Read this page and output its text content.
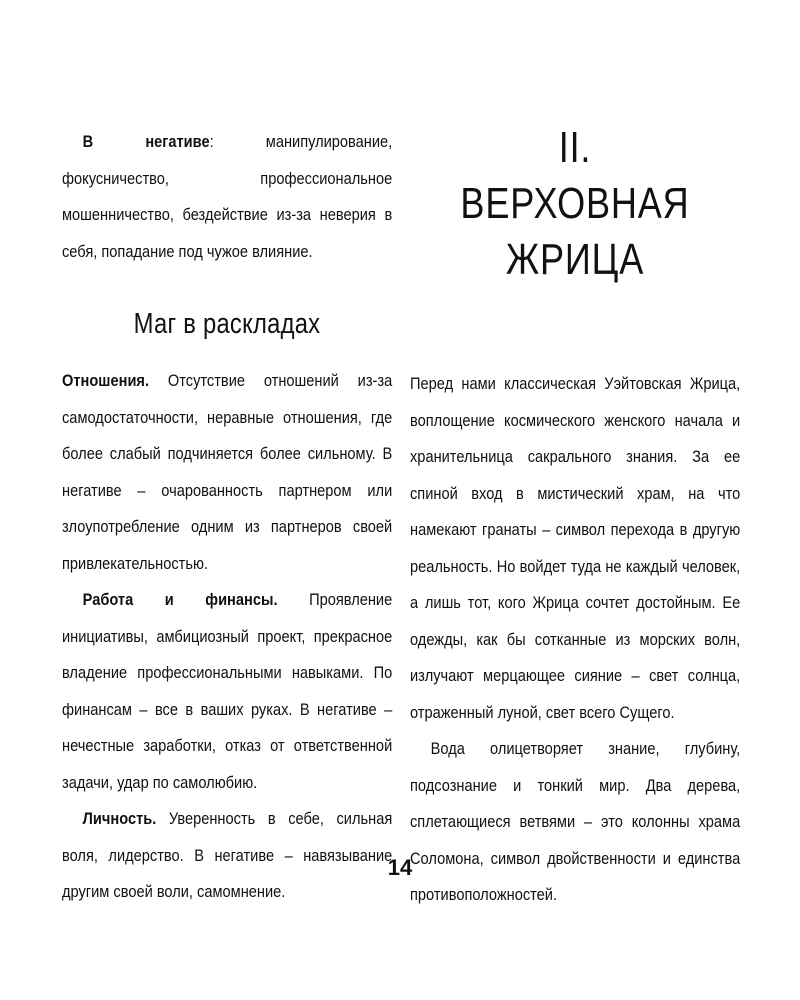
В негативе: манипулирование, фокусничество, профессиональное мошенничество, бездействие из-за неверия в себя, попадание под чужое влияние.

Маг в раскладах

Отношения. Отсутствие отношений из-за самодостаточности, неравные отношения, где более слабый подчиняется более сильному. В негативе – очарованность партнером или злоупотребление одним из партнеров своей привлекательностью.

Работа и финансы. Проявление инициативы, амбициозный проект, прекрасное владение профессиональными навыками. По финансам – все в ваших руках. В негативе – нечестные заработки, отказ от ответственной задачи, удар по самолюбию.

Личность. Уверенность в себе, сильная воля, лидерство. В негативе – навязывание другим своей воли, самомнение.

II. ВЕРХОВНАЯ
ЖРИЦА

Перед нами классическая Уэйтовская Жрица, воплощение космического женского начала и хранительница сакрального знания. За ее спиной вход в мистический храм, на что намекают гранаты – символ перехода в другую реальность. Но войдет туда не каждый человек, а лишь тот, кого Жрица сочтет достойным. Ее одежды, как бы сотканные из морских волн, излучают мерцающее сияние – свет солнца, отраженный луной, свет всего Сущего.

Вода олицетворяет знание, глубину, подсознание и тонкий мир. Два дерева, сплетающиеся ветвями – это колонны храма Соломона, символ двойственности и единства противоположностей.

14
